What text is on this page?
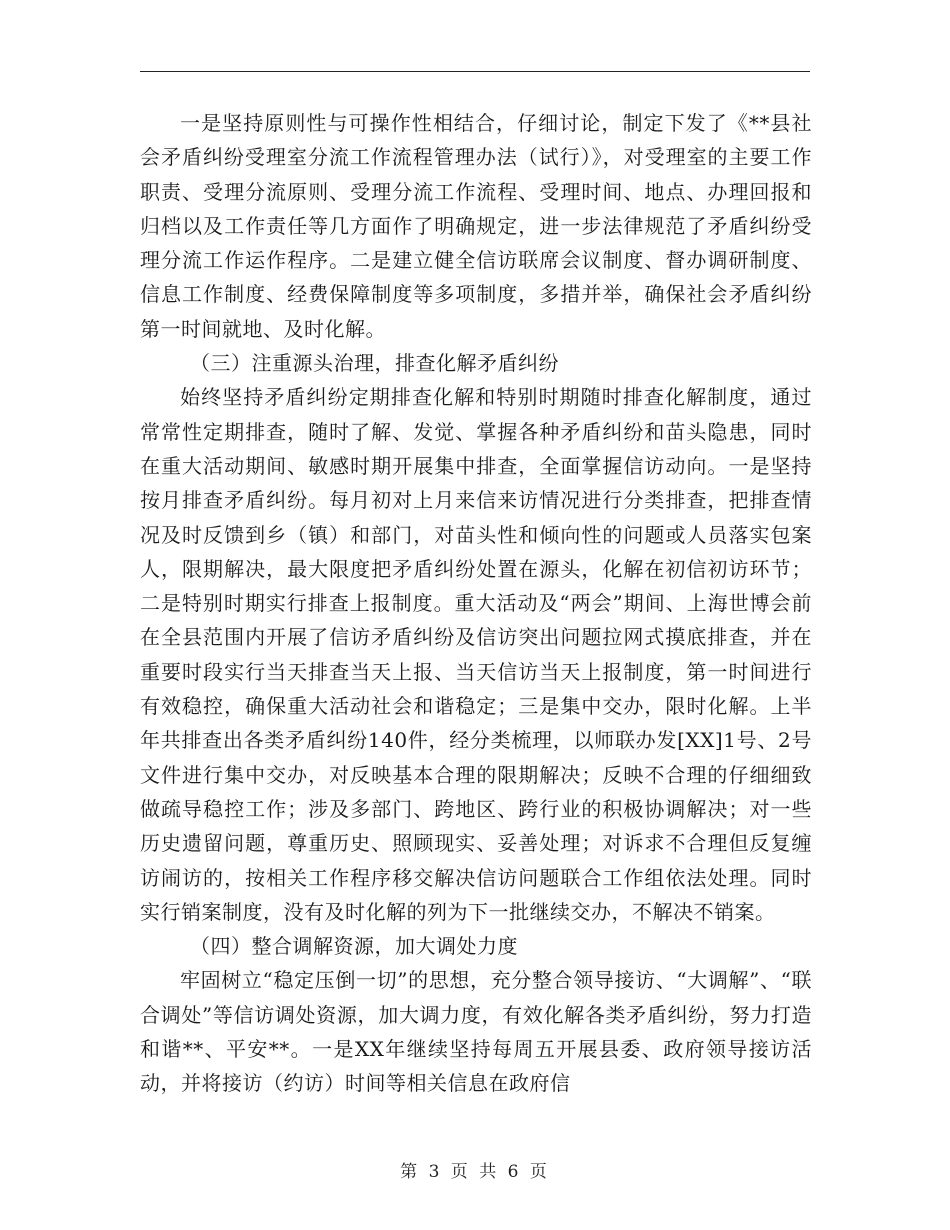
一是坚持原则性与可操作性相结合，仔细讨论，制定下发了《**县社会矛盾纠纷受理室分流工作流程管理办法（试行）》，对受理室的主要工作职责、受理分流原则、受理分流工作流程、受理时间、地点、办理回报和归档以及工作责任等几方面作了明确规定，进一步法律规范了矛盾纠纷受理分流工作运作程序。二是建立健全信访联席会议制度、督办调研制度、信息工作制度、经费保障制度等多项制度，多措并举，确保社会矛盾纠纷第一时间就地、及时化解。

（三）注重源头治理，排查化解矛盾纠纷

始终坚持矛盾纠纷定期排查化解和特别时期随时排查化解制度，通过常常性定期排查，随时了解、发觉、掌握各种矛盾纠纷和苗头隐患，同时在重大活动期间、敏感时期开展集中排查，全面掌握信访动向。一是坚持按月排查矛盾纠纷。每月初对上月来信来访情况进行分类排查，把排查情况及时反馈到乡（镇）和部门，对苗头性和倾向性的问题或人员落实包案人，限期解决，最大限度把矛盾纠纷处置在源头，化解在初信初访环节；二是特别时期实行排查上报制度。重大活动及“两会”期间、上海世博会前在全县范围内开展了信访矛盾纠纷及信访突出问题拉网式摸底排查，并在重要时段实行当天排查当天上报、当天信访当天上报制度，第一时间进行有效稳控，确保重大活动社会和谐稳定；三是集中交办，限时化解。上半年共排查出各类矛盾纠纷140件，经分类梳理，以师联办发[XX]1号、2号文件进行集中交办，对反映基本合理的限期解决；反映不合理的仔细细致做疏导稳控工作；涉及多部门、跨地区、跨行业的积极协调解决；对一些历史遗留问题，尊重历史、照顾现实、妥善处理；对诉求不合理但反复缠访闹访的，按相关工作程序移交解决信访问题联合工作组依法处理。同时实行销案制度，没有及时化解的列为下一批继续交办，不解决不销案。

（四）整合调解资源，加大调处力度

牢固树立“稳定压倒一切”的思想，充分整合领导接访、“大调解”、“联合调处”等信访调处资源，加大调力度，有效化解各类矛盾纠纷，努力打造和谐**、平安**。一是XX年继续坚持每周五开展县委、政府领导接访活动，并将接访（约访）时间等相关信息在政府信

第 3 页 共 6 页
